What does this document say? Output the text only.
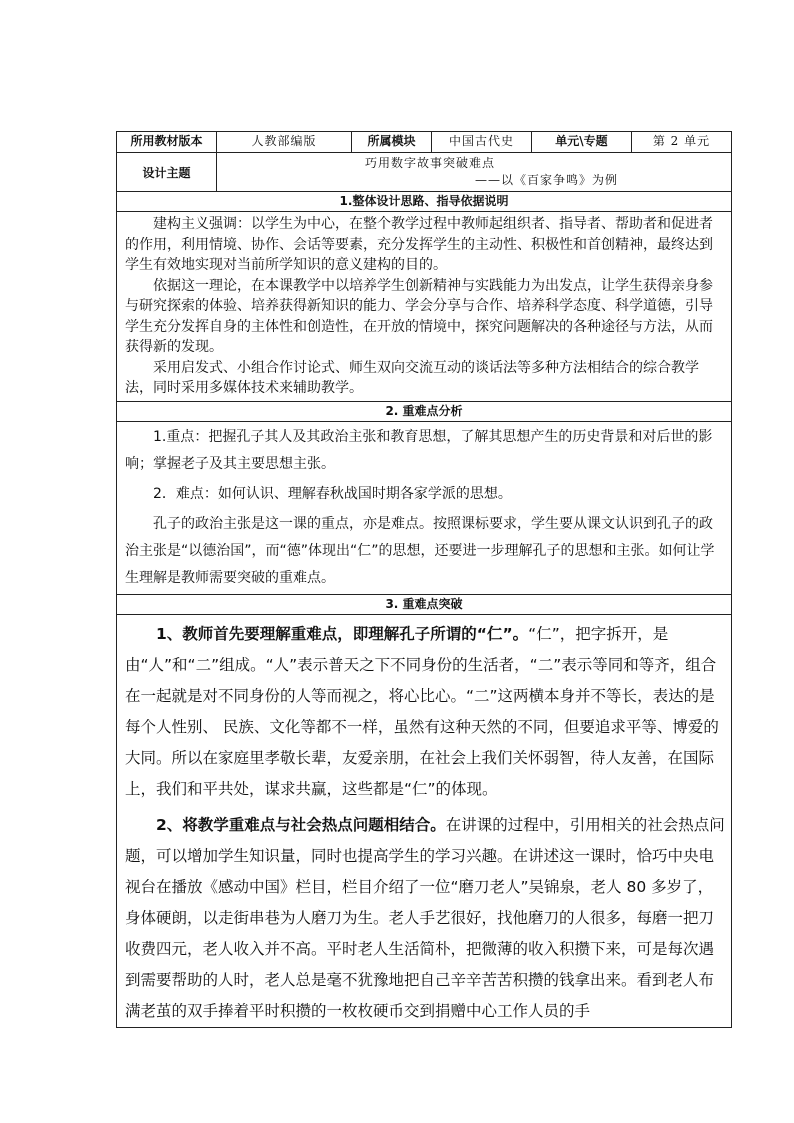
所用教材版本	人教部编版	所属模块	中国古代史	单元\专题	第 2 单元
设计主题	巧用数字故事突破难点
——以《百家争鸣》为例				

1.整体设计思路、指导依据说明					

建构主义强调：以学生为中心，在整个教学过程中教师起组织者、指导者、帮助者和促进者的作用，利用情境、协作、会话等要素，充分发挥学生的主动性、积极性和首创精神，最终达到学生有效地实现对当前所学知识的意义建构的目的。

依据这一理论，在本课教学中以培养学生创新精神与实践能力为出发点，让学生获得亲身参与研究探索的体验、培养获得新知识的能力、学会分享与合作、培养科学态度、科学道德，引导学生充分发挥自身的主体性和创造性，在开放的情境中，探究问题解决的各种途径与方法，从而获得新的发现。

采用启发式、小组合作讨论式、师生双向交流互动的谈话法等多种方法相结合的综合教学法，同时采用多媒体技术来辅助教学。					

2. 重难点分析					

1.重点：把握孔子其人及其政治主张和教育思想，了解其思想产生的历史背景和对后世的影响；掌握老子及其主要思想主张。

2．难点：如何认识、理解春秋战国时期各家学派的思想。

孔子的政治主张是这一课的重点，亦是难点。按照课标要求，学生要从课文认识到孔子的政治主张是“以德治国”，而“德”体现出“仁”的思想，还要进一步理解孔子的思想和主张。如何让学生理解是教师需要突破的重难点。					

3. 重难点突破					

1、教师首先要理解重难点，即理解孔子所谓的“仁”。“仁”，把字拆开，是由“人”和“二”组成。“人”表示普天之下不同身份的生活者，“二”表示等同和等齐，组合在一起就是对不同身份的人等而视之，将心比心。“二”这两横本身并不等长，表达的是每个人性别、 民族、文化等都不一样，虽然有这种天然的不同，但要追求平等、博爱的大同。所以在家庭里孝敬长辈，友爱亲朋，在社会上我们关怀弱智，待人友善，在国际上，我们和平共处，谋求共赢，这些都是“仁”的体现。

2、将教学重难点与社会热点问题相结合。在讲课的过程中，引用相关的社会热点问题，可以增加学生知识量，同时也提高学生的学习兴趣。在讲述这一课时，恰巧中央电视台在播放《感动中国》栏目，栏目介绍了一位“磨刀老人”吴锦泉，老人 80 多岁了，身体硬朗，以走街串巷为人磨刀为生。老人手艺很好，找他磨刀的人很多，每磨一把刀收费四元，老人收入并不高。平时老人生活简朴，把微薄的收入积攒下来，可是每次遇到需要帮助的人时，老人总是毫不犹豫地把自己辛辛苦苦积攒的钱拿出来。看到老人布满老茧的双手捧着平时积攒的一枚枚硬币交到捐赠中心工作人员的手					
